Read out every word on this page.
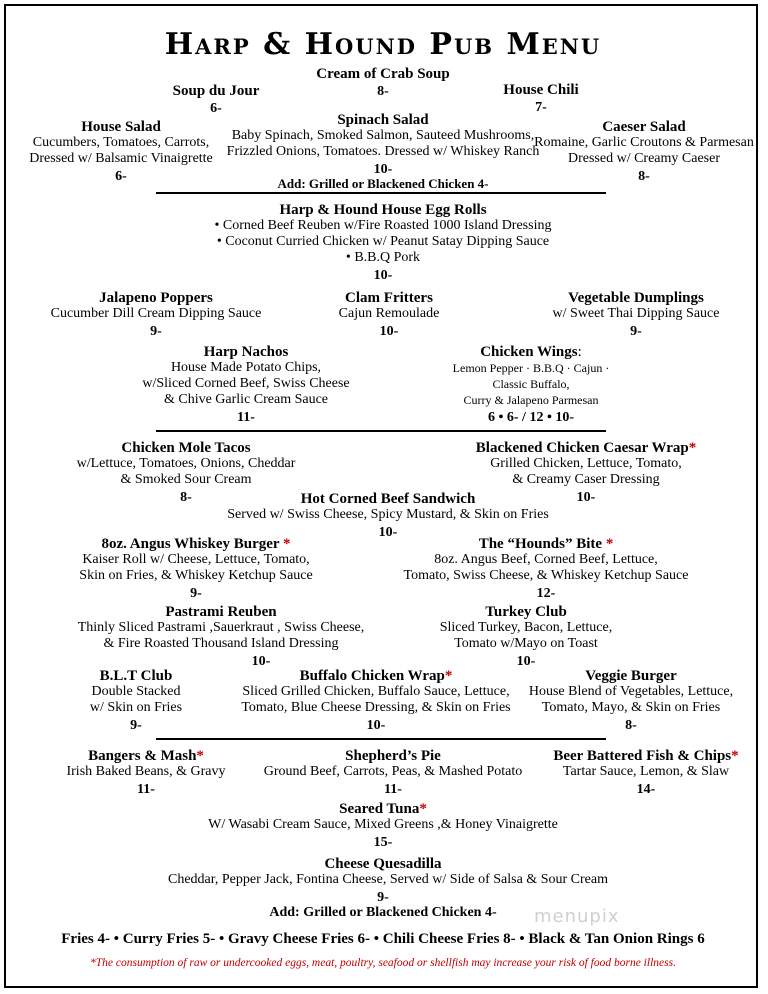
Harp & Hound Pub Menu
Cream of Crab Soup
8-
Soup du Jour
6-
House Chili
7-
Spinach Salad
Baby Spinach, Smoked Salmon, Sauteed Mushrooms,
Frizzled Onions, Tomatoes. Dressed w/ Whiskey Ranch
10-
House Salad
Cucumbers, Tomatoes, Carrots,
Dressed w/ Balsamic Vinaigrette
6-
Caeser Salad
Romaine, Garlic Croutons & Parmesan
Dressed w/ Creamy Caeser
8-
Add: Grilled or Blackened Chicken 4-
Harp & Hound House Egg Rolls
• Corned Beef Reuben w/Fire Roasted 1000 Island Dressing
• Coconut Curried Chicken w/ Peanut Satay Dipping Sauce
• B.B.Q Pork
10-
Jalapeno Poppers
Cucumber Dill Cream Dipping Sauce
9-
Clam Fritters
Cajun Remoulade
10-
Vegetable Dumplings
w/ Sweet Thai Dipping Sauce
9-
Harp Nachos
House Made Potato Chips,
w/Sliced Corned Beef, Swiss Cheese
& Chive Garlic Cream Sauce
11-
Chicken Wings:
Lemon Pepper · B.B.Q · Cajun ·
Classic Buffalo,
Curry & Jalapeno Parmesan
6 • 6- / 12 • 10-
Chicken Mole Tacos
w/Lettuce, Tomatoes, Onions, Cheddar
& Smoked Sour Cream
8-
Blackened Chicken Caesar Wrap*
Grilled Chicken, Lettuce, Tomato,
& Creamy Caser Dressing
10-
Hot Corned Beef Sandwich
Served w/ Swiss Cheese, Spicy Mustard, & Skin on Fries
10-
8oz. Angus Whiskey Burger *
Kaiser Roll w/ Cheese, Lettuce, Tomato,
Skin on Fries, & Whiskey Ketchup Sauce
9-
The “Hounds” Bite *
8oz. Angus Beef, Corned Beef, Lettuce,
Tomato, Swiss Cheese, & Whiskey Ketchup Sauce
12-
Pastrami Reuben
Thinly Sliced Pastrami ,Sauerkraut , Swiss Cheese,
& Fire Roasted Thousand Island Dressing
10-
Turkey Club
Sliced Turkey, Bacon, Lettuce,
Tomato w/Mayo on Toast
10-
B.L.T Club
Double Stacked
w/ Skin on Fries
9-
Buffalo Chicken Wrap*
Sliced Grilled Chicken, Buffalo Sauce, Lettuce,
Tomato, Blue Cheese Dressing, & Skin on Fries
10-
Veggie Burger
House Blend of Vegetables, Lettuce,
Tomato, Mayo, & Skin on Fries
8-
Bangers & Mash*
Irish Baked Beans, & Gravy
11-
Shepherd’s Pie
Ground Beef, Carrots, Peas, & Mashed Potato
11-
Beer Battered Fish & Chips*
Tartar Sauce, Lemon, & Slaw
14-
Seared Tuna*
W/ Wasabi Cream Sauce, Mixed Greens ,& Honey Vinaigrette
15-
Cheese Quesadilla
Cheddar, Pepper Jack, Fontina Cheese, Served w/ Side of Salsa & Sour Cream
9-
Add: Grilled or Blackened Chicken 4-
Fries 4- • Curry Fries 5- • Gravy Cheese Fries 6- • Chili Cheese Fries 8- • Black & Tan Onion Rings 6
*The consumption of raw or undercooked eggs, meat, poultry, seafood or shellfish may increase your risk of food borne illness.
menupix
